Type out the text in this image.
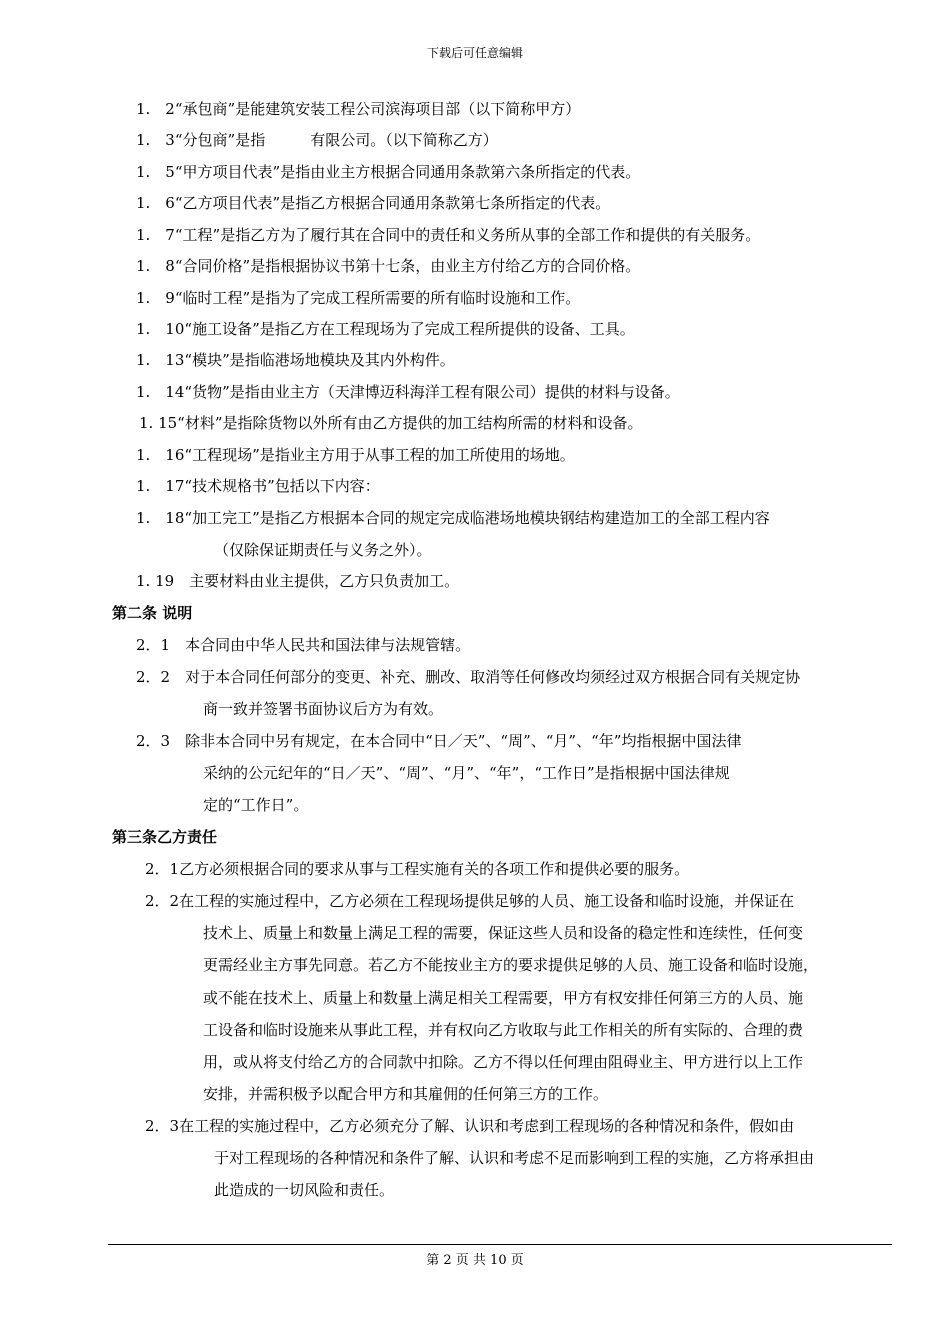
下载后可任意编辑
1.　2“承包商”是能建筑安装工程公司滨海项目部（以下简称甲方）
1.　3“分包商”是指　　　有限公司。（以下简称乙方）
1.　5“甲方项目代表”是指由业主方根据合同通用条款第六条所指定的代表。
1.　6“乙方项目代表”是指乙方根据合同通用条款第七条所指定的代表。
1.　7“工程”是指乙方为了履行其在合同中的责任和义务所从事的全部工作和提供的有关服务。
1.　8“合同价格”是指根据协议书第十七条，由业主方付给乙方的合同价格。
1.　9“临时工程”是指为了完成工程所需要的所有临时设施和工作。
1.　10“施工设备”是指乙方在工程现场为了完成工程所提供的设备、工具。
1.　13“模块”是指临港场地模块及其内外构件。
1.　14“货物”是指由业主方（天津博迈科海洋工程有限公司）提供的材料与设备。
1. 15“材料”是指除货物以外所有由乙方提供的加工结构所需的材料和设备。
1.　16“工程现场”是指业主方用于从事工程的加工所使用的场地。
1.　17“技术规格书”包括以下内容：
1.　18“加工完工”是指乙方根据本合同的规定完成临港场地模块钢结构建造加工的全部工程内容
（仅除保证期责任与义务之外）。
1. 19　主要材料由业主提供，乙方只负责加工。
第二条 说明
2．1　本合同由中华人民共和国法律与法规管辖。
2．2　对于本合同任何部分的变更、补充、删改、取消等任何修改均须经过双方根据合同有关规定协
商一致并签署书面协议后方为有效。
2．3　除非本合同中另有规定，在本合同中“日／天”、“周”、“月”、“年”均指根据中国法律
采纳的公元纪年的“日／天”、“周”、“月”、“年”，“工作日”是指根据中国法律规
定的“工作日”。
第三条乙方责任
2．1乙方必须根据合同的要求从事与工程实施有关的各项工作和提供必要的服务。
2．2在工程的实施过程中，乙方必须在工程现场提供足够的人员、施工设备和临时设施，并保证在
技术上、质量上和数量上满足工程的需要，保证这些人员和设备的稳定性和连续性，任何变
更需经业主方事先同意。若乙方不能按业主方的要求提供足够的人员、施工设备和临时设施，
或不能在技术上、质量上和数量上满足相关工程需要，甲方有权安排任何第三方的人员、施
工设备和临时设施来从事此工程，并有权向乙方收取与此工作相关的所有实际的、合理的费
用，或从将支付给乙方的合同款中扣除。乙方不得以任何理由阻碍业主、甲方进行以上工作
安排，并需积极予以配合甲方和其雇佣的任何第三方的工作。
2．3在工程的实施过程中，乙方必须充分了解、认识和考虑到工程现场的各种情况和条件，假如由
于对工程现场的各种情况和条件了解、认识和考虑不足而影响到工程的实施，乙方将承担由
此造成的一切风险和责任。
第 2 页 共 10 页
